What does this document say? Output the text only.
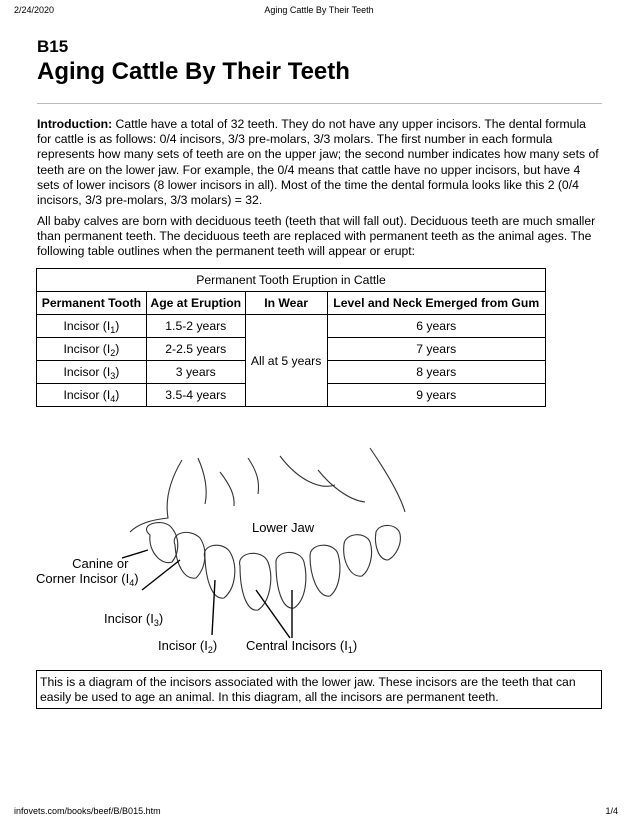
2/24/2020	Aging Cattle By Their Teeth
B15
Aging Cattle By Their Teeth

Introduction: Cattle have a total of 32 teeth. They do not have any upper incisors. The dental formula for cattle is as follows: 0/4 incisors, 3/3 pre-molars, 3/3 molars. The first number in each formula represents how many sets of teeth are on the upper jaw; the second number indicates how many sets of teeth are on the lower jaw. For example, the 0/4 means that cattle have no upper incisors, but have 4 sets of lower incisors (8 lower incisors in all). Most of the time the dental formula looks like this 2 (0/4 incisors, 3/3 pre-molars, 3/3 molars) = 32.

All baby calves are born with deciduous teeth (teeth that will fall out). Deciduous teeth are much smaller than permanent teeth. The deciduous teeth are replaced with permanent teeth as the animal ages. The following table outlines when the permanent teeth will appear or erupt:

Permanent Tooth Eruption in Cattle			
Permanent Tooth	Age at Eruption	In Wear	Level and Neck Emerged from Gum
Incisor $(I_1)$	1.5-2 years	All at 5 years	6 years
Incisor $(I_2)$	2-2.5 years		7 years
Incisor $(I_3)$	3 years		8 years
Incisor $(I_4)$	3.5-4 years		9 years
Lower Jaw
Canine or
Corner Incisor $(I_4)$
Incisor $(I_3)$
Incisor $(I_2)$ Central Incisors $(I_1)$
This is a diagram of the incisors associated with the lower jaw. These incisors are the teeth that can easily be used to age an animal. In this diagram, all the incisors are permanent teeth.
infovets.com/books/beef/B/B015.htm	1/4
